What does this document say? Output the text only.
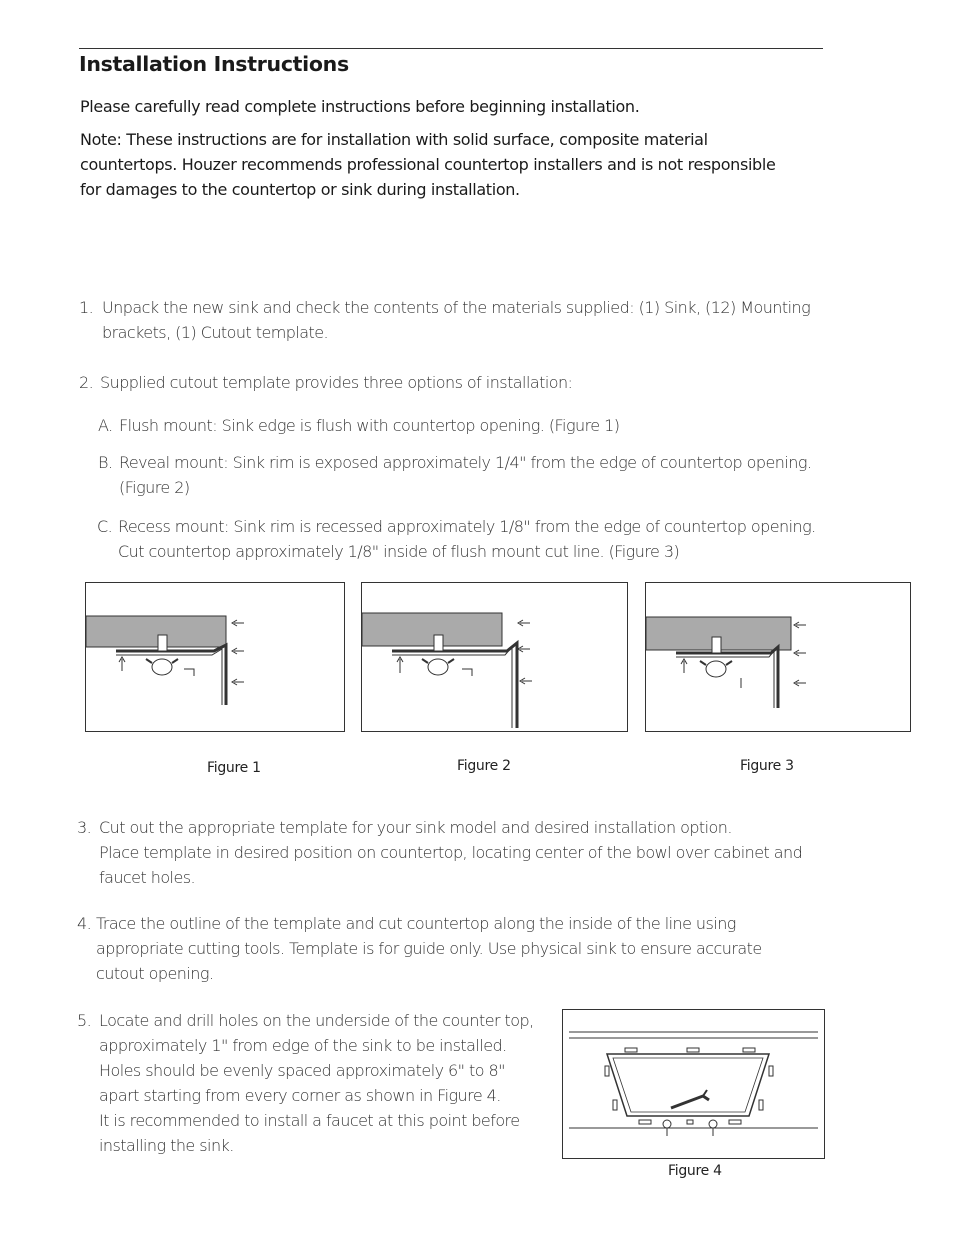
Installation Instructions
Please carefully read complete instructions before beginning installation.
Note: These instructions are for installation with solid surface, composite material
countertops. Houzer recommends professional countertop installers and is not responsible
for damages to the countertop or sink during installation.
1. Unpack the new sink and check the contents of the materials supplied: (1) Sink, (12) Mounting
brackets, (1) Cutout template.
2. Supplied cutout template provides three options of installation:
A. Flush mount: Sink edge is flush with countertop opening. (Figure 1)
B. Reveal mount: Sink rim is exposed approximately 1/4" from the edge of countertop opening.
(Figure 2)
C. Recess mount: Sink rim is recessed approximately 1/8" from the edge of countertop opening.
Cut countertop approximately 1/8" inside of flush mount cut line. (Figure 3)
Figure 1	Figure 2	Figure 3
3. Cut out the appropriate template for your sink model and desired installation option.
Place template in desired position on countertop, locating center of the bowl over cabinet and
faucet holes.
4. Trace the outline of the template and cut countertop along the inside of the line using
appropriate cutting tools. Template is for guide only. Use physical sink to ensure accurate
cutout opening.
5. Locate and drill holes on the underside of the counter top,
approximately 1" from edge of the sink to be installed.
Holes should be evenly spaced approximately 6" to 8"
apart starting from every corner as shown in Figure 4.
It is recommended to install a faucet at this point before
installing the sink.
Figure 4
